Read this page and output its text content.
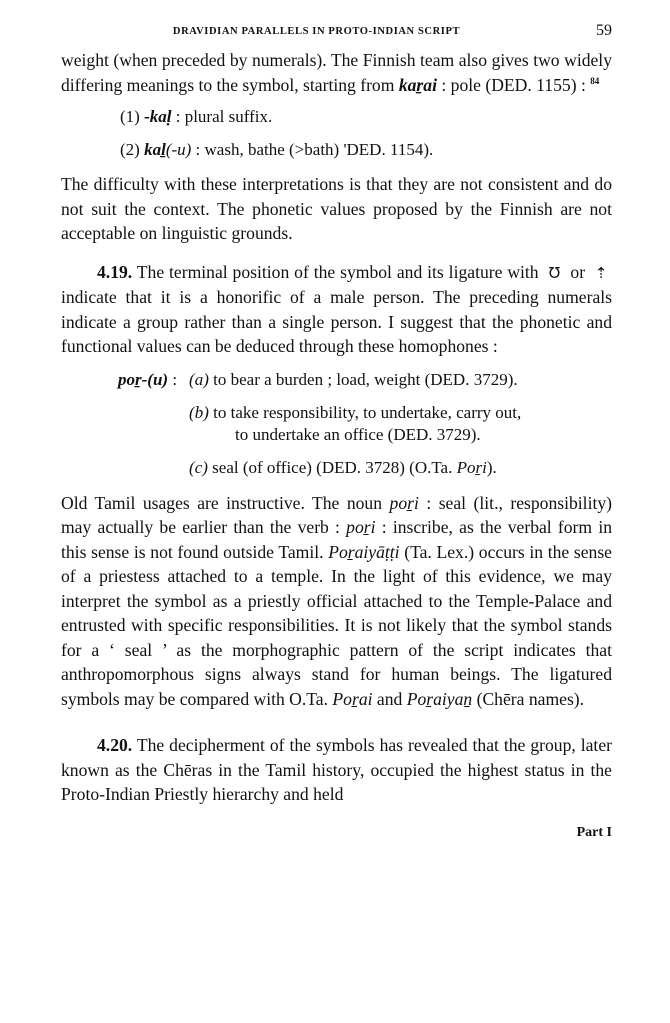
DRAVIDIAN PARALLELS IN PROTO-INDIAN SCRIPT	59

weight (when preceded by numerals). The Finnish team also gives two widely differing meanings to the symbol, starting from kaṟai : pole (DED. 1155) : $^{84}$

(1) -kaḷ : plural suffix.
(2) kaḻ(-u) : wash, bathe (>bath) 'DED. 1154).

The difficulty with these interpretations is that they are not consistent and do not suit the context. The phonetic values proposed by the Finnish are not acceptable on linguistic grounds.

4.19. The terminal position of the symbol and its ligature with Ʊ or ⇡ indicate that it is a honorific of a male person. The preceding numerals indicate a group rather than a single person. I suggest that the phonetic and functional values can be deduced through these homophones :

poṟ-(u) : (a) to bear a burden ; load, weight (DED. 3729).
(b) to take responsibility, to undertake, carry out,
to undertake an office (DED. 3729).
(c) seal (of office) (DED. 3728) (O.Ta. Poṟi).

Old Tamil usages are instructive. The noun poṟi : seal (lit., responsibility) may actually be earlier than the verb : poṟi : inscribe, as the verbal form in this sense is not found outside Tamil. Poṟaiyāṭṭi (Ta. Lex.) occurs in the sense of a priestess attached to a temple. In the light of this evidence, we may interpret the symbol as a priestly official attached to the Temple-Palace and entrusted with specific responsibilities. It is not likely that the symbol stands for a ‘ seal ’ as the morphographic pattern of the script indicates that anthropomorphous signs always stand for human beings. The ligatured symbols may be compared with O.Ta. Poṟai and Poṟaiyaṉ (Chēra names).

4.20. The decipherment of the symbols has revealed that the group, later known as the Chēras in the Tamil history, occupied the highest status in the Proto-Indian Priestly hierarchy and held

Part I
